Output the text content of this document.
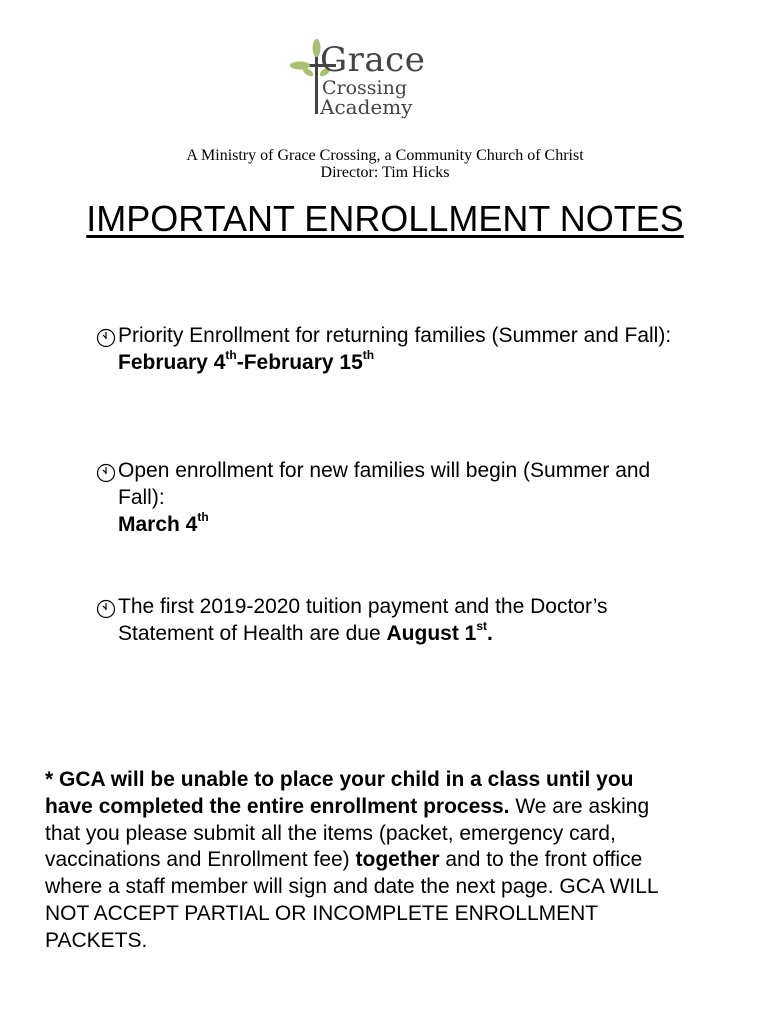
Grace
Crossing
Academy
A Ministry of Grace Crossing, a Community Church of Christ
Director: Tim Hicks
IMPORTANT ENROLLMENT NOTES
Priority Enrollment for returning families (Summer and Fall):
February 4th-February 15th
Open enrollment for new families will begin (Summer and
Fall):
March 4th
The first 2019-2020 tuition payment and the Doctor’s
Statement of Health are due August 1st.
* GCA will be unable to place your child in a class until you
have completed the entire enrollment process. We are asking
that you please submit all the items (packet, emergency card,
vaccinations and Enrollment fee) together and to the front office
where a staff member will sign and date the next page. GCA WILL
NOT ACCEPT PARTIAL OR INCOMPLETE ENROLLMENT
PACKETS.
